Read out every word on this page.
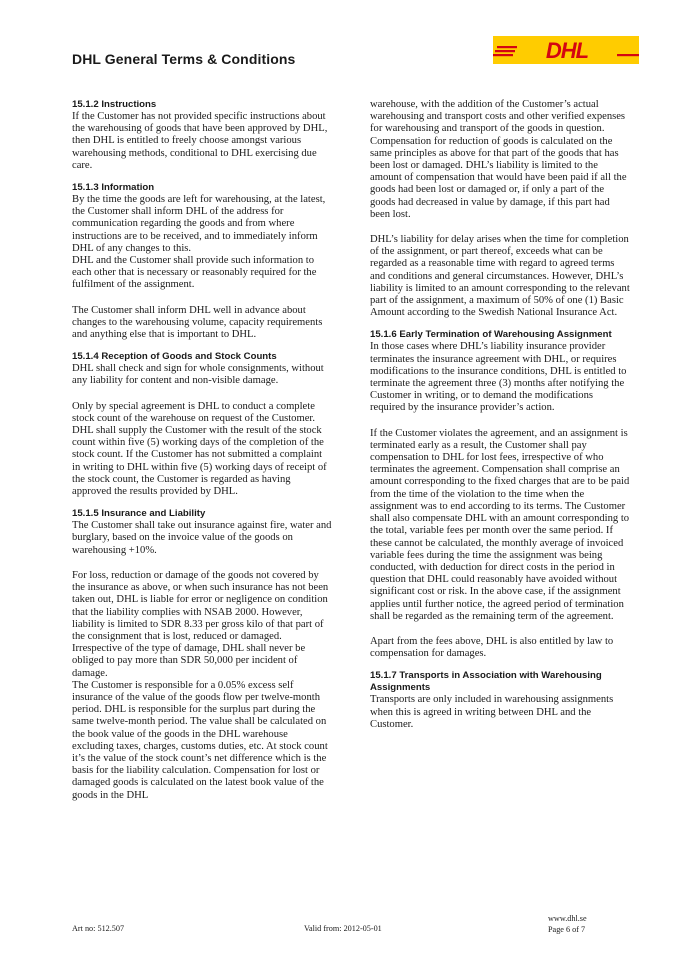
DHL General Terms & Conditions	DHL

15.1.2 Instructions

If the Customer has not provided specific instructions about the warehousing of goods that have been approved by DHL, then DHL is entitled to freely choose amongst various warehousing methods, conditional to DHL exercising due care.

15.1.3 Information

By the time the goods are left for warehousing, at the latest, the Customer shall inform DHL of the address for communication regarding the goods and from where instructions are to be received, and to immediately inform DHL of any changes to this.

DHL and the Customer shall provide such information to each other that is necessary or reasonably required for the fulfilment of the assignment.

The Customer shall inform DHL well in advance about changes to the warehousing volume, capacity requirements and anything else that is important to DHL.

15.1.4 Reception of Goods and Stock Counts

DHL shall check and sign for whole consignments, without any liability for content and non-visible damage.

Only by special agreement is DHL to conduct a complete stock count of the warehouse on request of the Customer. DHL shall supply the Customer with the result of the stock count within five (5) working days of the completion of the stock count. If the Customer has not submitted a complaint in writing to DHL within five (5) working days of receipt of the stock count, the Customer is regarded as having approved the results provided by DHL.

15.1.5 Insurance and Liability

The Customer shall take out insurance against fire, water and burglary, based on the invoice value of the goods on warehousing +10%.

For loss, reduction or damage of the goods not covered by the insurance as above, or when such insurance has not been taken out, DHL is liable for error or negligence on condition that the liability complies with NSAB 2000. However, liability is limited to SDR 8.33 per gross kilo of that part of the consignment that is lost, reduced or damaged. Irrespective of the type of damage, DHL shall never be obliged to pay more than SDR 50,000 per incident of damage.

The Customer is responsible for a 0.05% excess self insurance of the value of the goods flow per twelve-month period. DHL is responsible for the surplus part during the same twelve-month period. The value shall be calculated on the book value of the goods in the DHL warehouse excluding taxes, charges, customs duties, etc. At stock count it’s the value of the stock count’s net difference which is the basis for the liability calculation. Compensation for lost or damaged goods is calculated on the latest book value of the goods in the DHL

warehouse, with the addition of the Customer’s actual warehousing and transport costs and other verified expenses for warehousing and transport of the goods in question. Compensation for reduction of goods is calculated on the same principles as above for that part of the goods that has been lost or damaged. DHL’s liability is limited to the amount of compensation that would have been paid if all the goods had been lost or damaged or, if only a part of the goods had decreased in value by damage, if this part had been lost.

DHL’s liability for delay arises when the time for completion of the assignment, or part thereof, exceeds what can be regarded as a reasonable time with regard to agreed terms and conditions and general circumstances. However, DHL’s liability is limited to an amount corresponding to the relevant part of the assignment, a maximum of 50% of one (1) Basic Amount according to the Swedish National Insurance Act.

15.1.6 Early Termination of Warehousing Assignment

In those cases where DHL’s liability insurance provider terminates the insurance agreement with DHL, or requires modifications to the insurance conditions, DHL is entitled to terminate the agreement three (3) months after notifying the Customer in writing, or to demand the modifications required by the insurance provider’s action.

If the Customer violates the agreement, and an assignment is terminated early as a result, the Customer shall pay compensation to DHL for lost fees, irrespective of who terminates the agreement. Compensation shall comprise an amount corresponding to the fixed charges that are to be paid from the time of the violation to the time when the assignment was to end according to its terms. The Customer shall also compensate DHL with an amount corresponding to the total, variable fees per month over the same period. If these cannot be calculated, the monthly average of invoiced variable fees during the time the assignment was being conducted, with deduction for direct costs in the period in question that DHL could reasonably have avoided without significant cost or risk. In the above case, if the assignment applies until further notice, the agreed period of termination shall be regarded as the remaining term of the agreement.

Apart from the fees above, DHL is also entitled by law to compensation for damages.

15.1.7 Transports in Association with Warehousing Assignments

Transports are only included in warehousing assignments when this is agreed in writing between DHL and the Customer.

Art no: 512.507	Valid from: 2012-05-01
www.dhl.se
Page 6 of 7
